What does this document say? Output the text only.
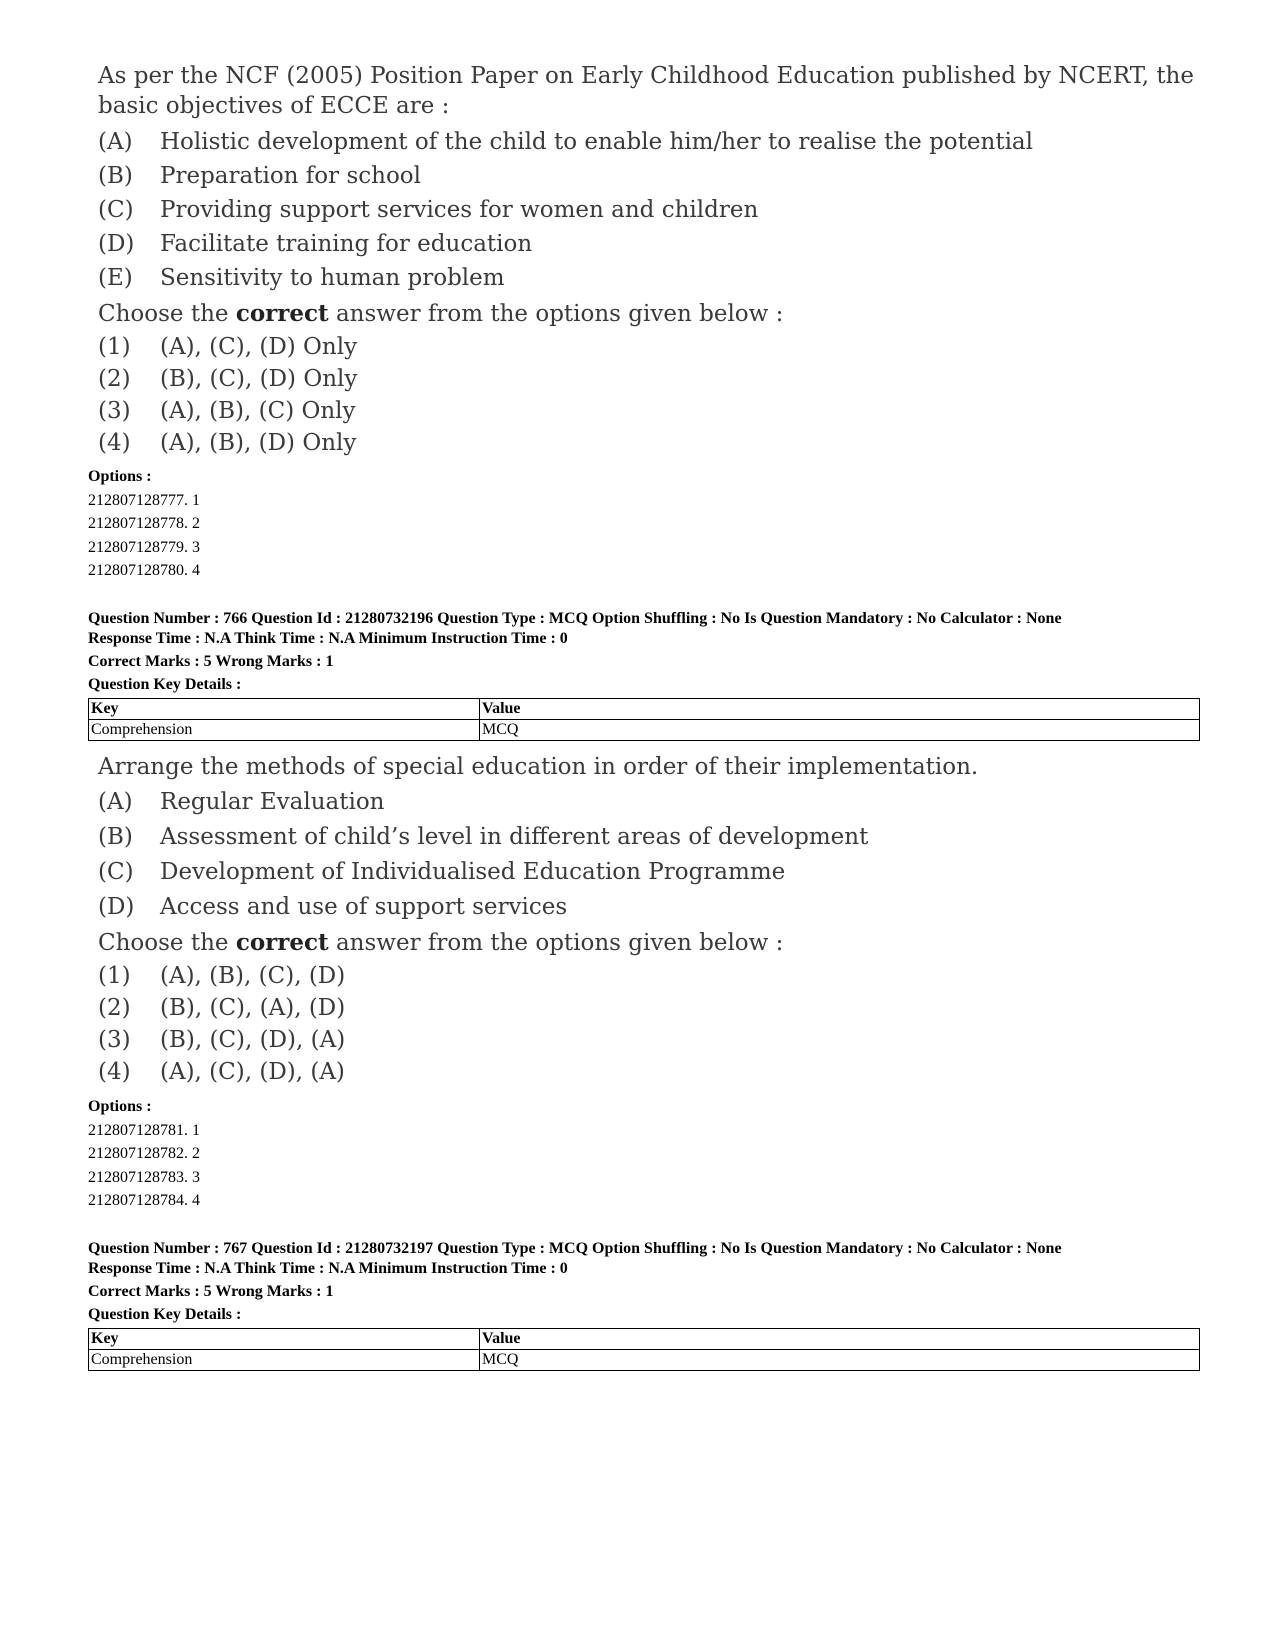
As per the NCF (2005) Position Paper on Early Childhood Education published by NCERT, the
basic objectives of ECCE are :
(A)	Holistic development of the child to enable him/her to realise the potential
(B)	Preparation for school
(C)	Providing support services for women and children
(D)	Facilitate training for education
(E)	Sensitivity to human problem
Choose the correct answer from the options given below :
(1)	(A), (C), (D) Only
(2)	(B), (C), (D) Only
(3)	(A), (B), (C) Only
(4)	(A), (B), (D) Only
Options :
212807128777. 1
212807128778. 2
212807128779. 3
212807128780. 4
Question Number : 766 Question Id : 21280732196 Question Type : MCQ Option Shuffling : No Is Question Mandatory : No Calculator : None
Response Time : N.A Think Time : N.A Minimum Instruction Time : 0
Correct Marks : 5 Wrong Marks : 1
Question Key Details :
Key	Value
Comprehension	MCQ
Arrange the methods of special education in order of their implementation.
(A)	Regular Evaluation
(B)	Assessment of child’s level in different areas of development
(C)	Development of Individualised Education Programme
(D)	Access and use of support services
Choose the correct answer from the options given below :
(1)	(A), (B), (C), (D)
(2)	(B), (C), (A), (D)
(3)	(B), (C), (D), (A)
(4)	(A), (C), (D), (A)
Options :
212807128781. 1
212807128782. 2
212807128783. 3
212807128784. 4
Question Number : 767 Question Id : 21280732197 Question Type : MCQ Option Shuffling : No Is Question Mandatory : No Calculator : None
Response Time : N.A Think Time : N.A Minimum Instruction Time : 0
Correct Marks : 5 Wrong Marks : 1
Question Key Details :
Key	Value
Comprehension	MCQ
